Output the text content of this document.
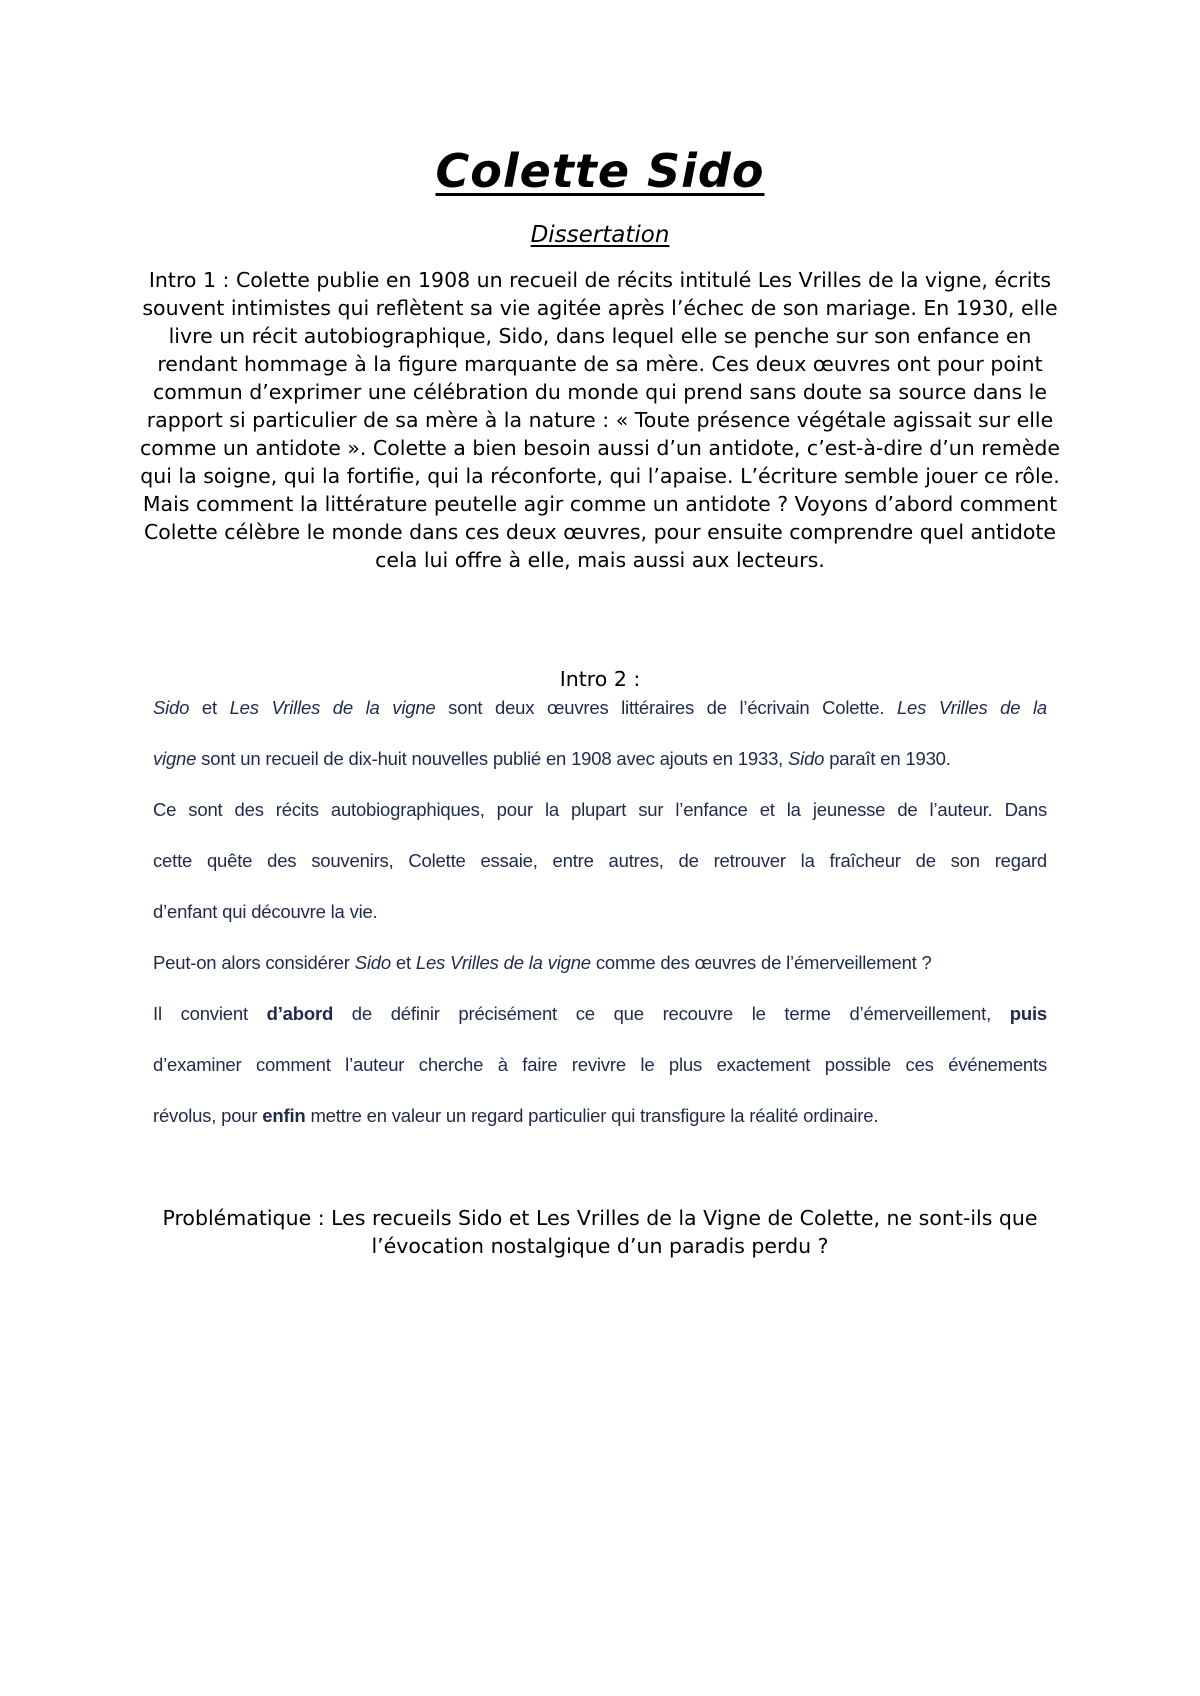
Colette Sido
Dissertation
Intro 1 : Colette publie en 1908 un recueil de récits intitulé Les Vrilles de la vigne, écrits souvent intimistes qui reflètent sa vie agitée après l’échec de son mariage. En 1930, elle livre un récit autobiographique, Sido, dans lequel elle se penche sur son enfance en rendant hommage à la figure marquante de sa mère. Ces deux œuvres ont pour point commun d’exprimer une célébration du monde qui prend sans doute sa source dans le rapport si particulier de sa mère à la nature : « Toute présence végétale agissait sur elle comme un antidote ». Colette a bien besoin aussi d’un antidote, c’est-à-dire d’un remède qui la soigne, qui la fortifie, qui la réconforte, qui l’apaise. L’écriture semble jouer ce rôle. Mais comment la littérature peutelle agir comme un antidote ? Voyons d’abord comment Colette célèbre le monde dans ces deux œuvres, pour ensuite comprendre quel antidote cela lui offre à elle, mais aussi aux lecteurs.
Intro 2 :
Sido et Les Vrilles de la vigne sont deux œuvres littéraires de l’écrivain Colette. Les Vrilles de la
vigne sont un recueil de dix-huit nouvelles publié en 1908 avec ajouts en 1933, Sido paraît en 1930.
Ce sont des récits autobiographiques, pour la plupart sur l’enfance et la jeunesse de l’auteur. Dans
cette quête des souvenirs, Colette essaie, entre autres, de retrouver la fraîcheur de son regard
d’enfant qui découvre la vie.
Peut-on alors considérer Sido et Les Vrilles de la vigne comme des œuvres de l’émerveillement ?
Il convient d’abord de définir précisément ce que recouvre le terme d’émerveillement, puis
d’examiner comment l’auteur cherche à faire revivre le plus exactement possible ces événements
révolus, pour enfin mettre en valeur un regard particulier qui transfigure la réalité ordinaire.
Problématique : Les recueils Sido et Les Vrilles de la Vigne de Colette, ne sont-ils que l’évocation nostalgique d’un paradis perdu ?
